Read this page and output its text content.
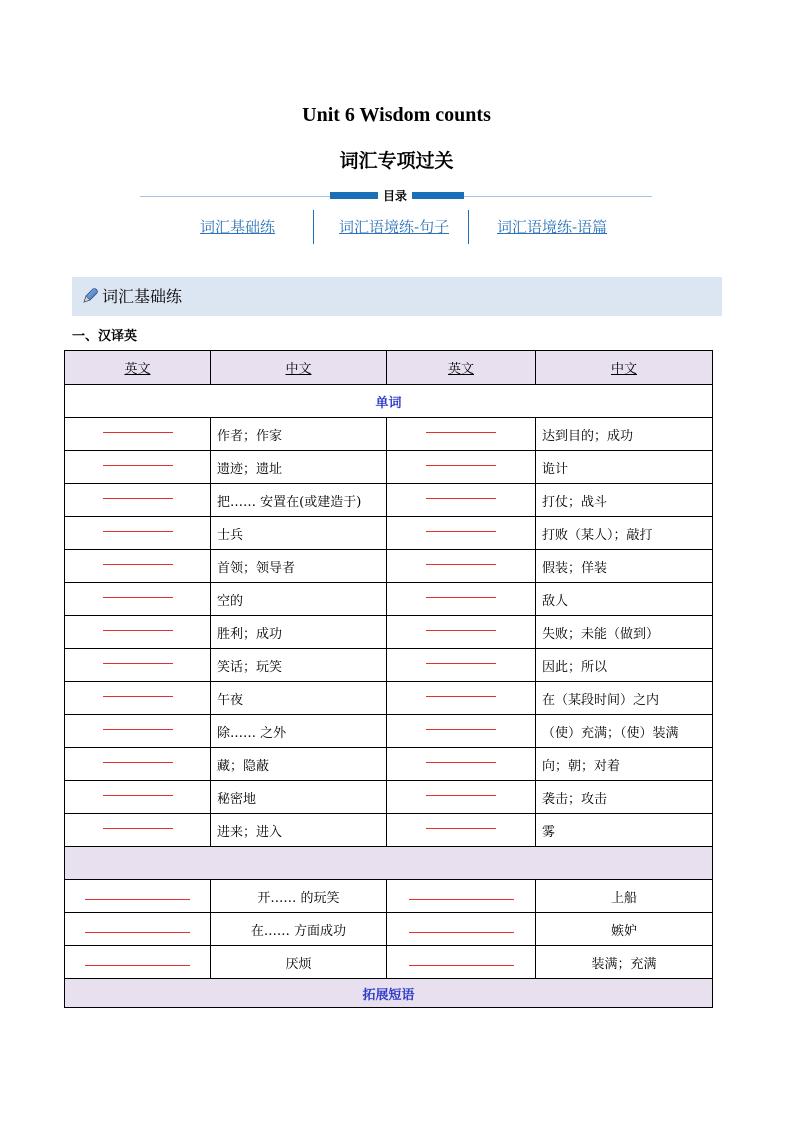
Unit 6 Wisdom counts
词汇专项过关
目录
词汇基础练	词汇语境练-句子	词汇语境练-语篇
词汇基础练
一、汉译英
英文	中文	英文	中文
单词			
	作者；作家		达到目的；成功
	遗迹；遗址		诡计
	把…… 安置在(或建造于)		打仗；战斗
	士兵		打败（某人）；敲打
	首领；领导者		假装；佯装
	空的		敌人
	胜利；成功		失败；未能（做到）
	笑话；玩笑		因此；所以
	午夜		在（某段时间）之内
	除…… 之外		（使）充满；（使）装满
	藏；隐蔽		向；朝；对着
	秘密地		袭击；攻击
	进来；进入		雾

	开…… 的玩笑		上船
	在…… 方面成功		嫉妒
	厌烦		装满；充满
拓展短语			
